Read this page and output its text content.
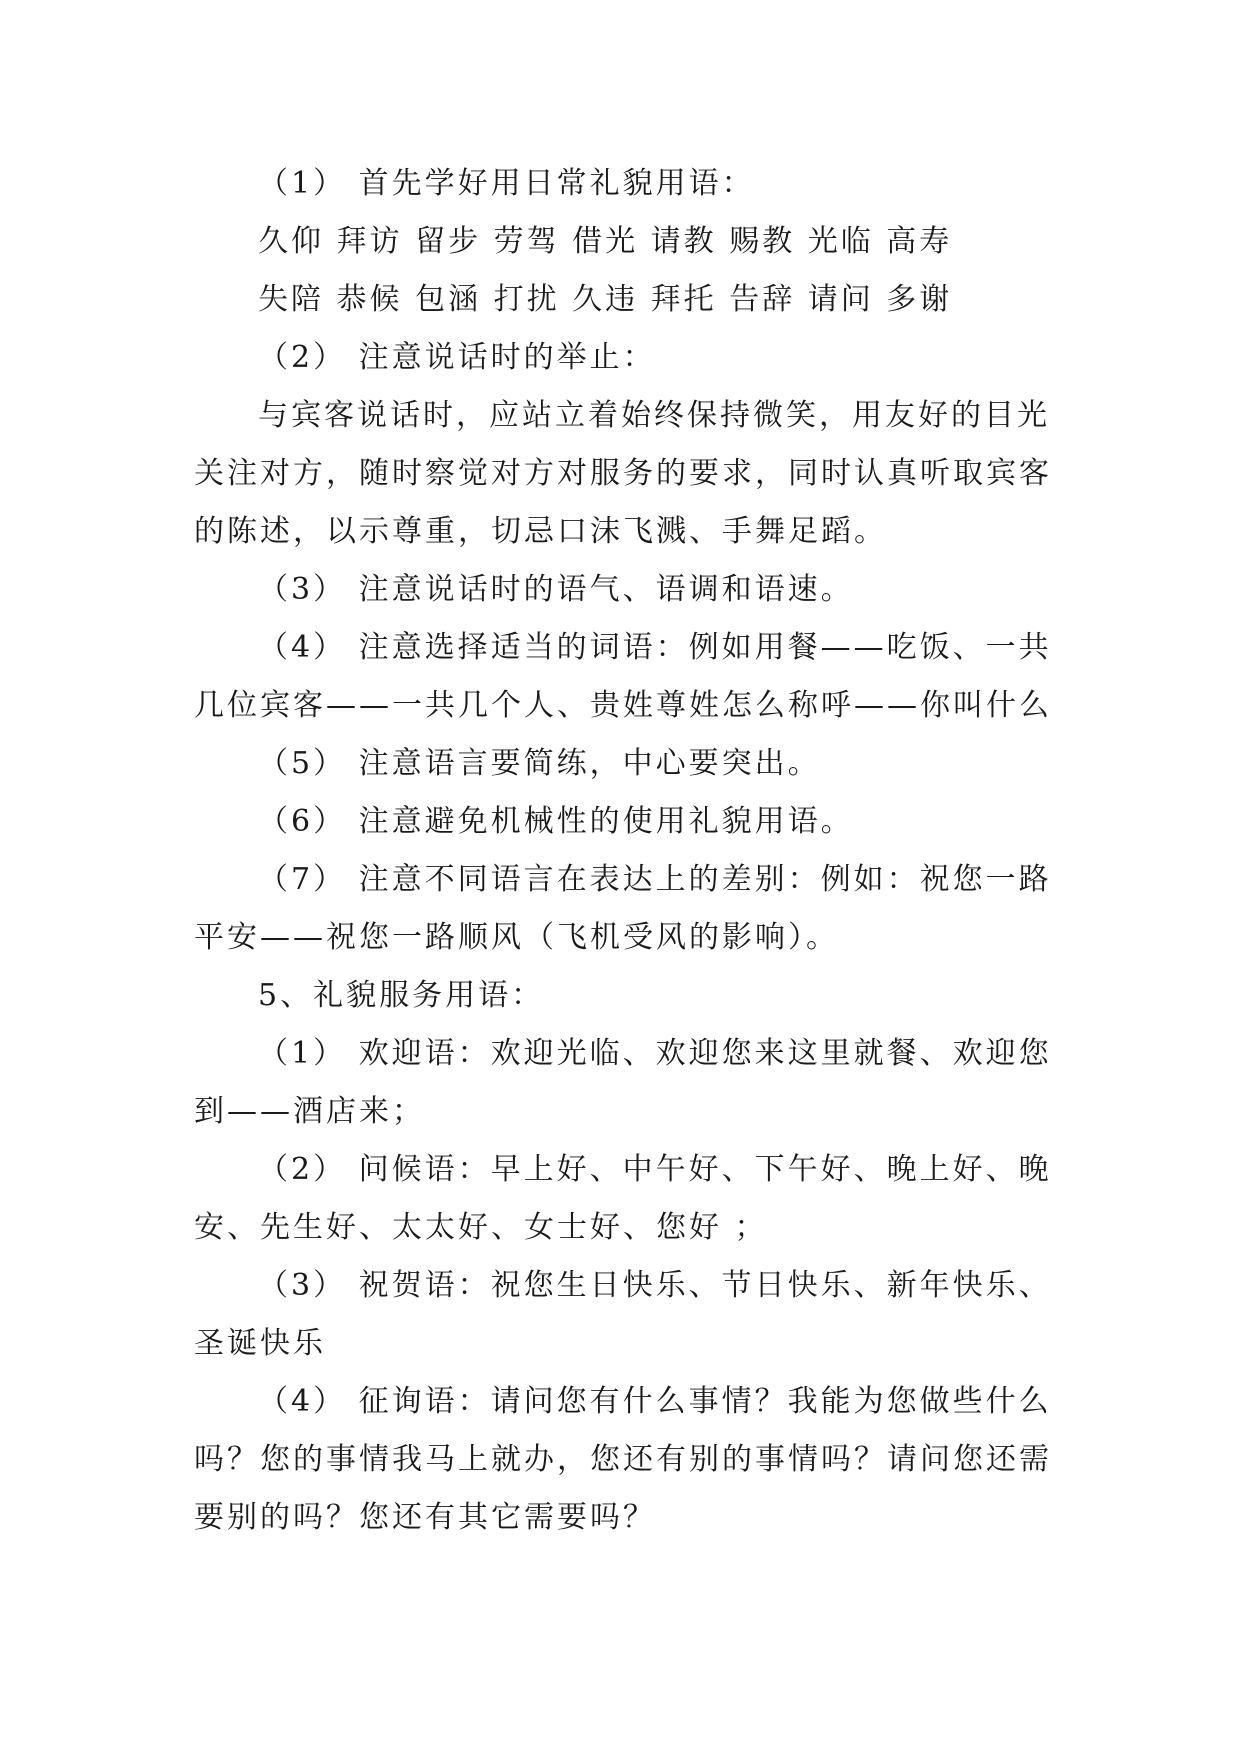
（1） 首先学好用日常礼貌用语：
久仰 拜访 留步 劳驾 借光 请教 赐教 光临 高寿
失陪 恭候 包涵 打扰 久违 拜托 告辞 请问 多谢
（2） 注意说话时的举止：
与宾客说话时，应站立着始终保持微笑，用友好的目光
关注对方，随时察觉对方对服务的要求，同时认真听取宾客
的陈述，以示尊重，切忌口沫飞溅、手舞足蹈。
（3） 注意说话时的语气、语调和语速。
（4） 注意选择适当的词语：例如用餐——吃饭、一共
几位宾客——一共几个人、贵姓尊姓怎么称呼——你叫什么
（5） 注意语言要简练，中心要突出。
（6） 注意避免机械性的使用礼貌用语。
（7） 注意不同语言在表达上的差别：例如：祝您一路
平安——祝您一路顺风（飞机受风的影响）。
5、礼貌服务用语：
（1） 欢迎语：欢迎光临、欢迎您来这里就餐、欢迎您
到——酒店来；
（2） 问候语：早上好、中午好、下午好、晚上好、晚
安、先生好、太太好、女士好、您好 ；
（3） 祝贺语：祝您生日快乐、节日快乐、新年快乐、
圣诞快乐
（4） 征询语：请问您有什么事情？我能为您做些什么
吗？您的事情我马上就办，您还有别的事情吗？请问您还需
要别的吗？您还有其它需要吗？
